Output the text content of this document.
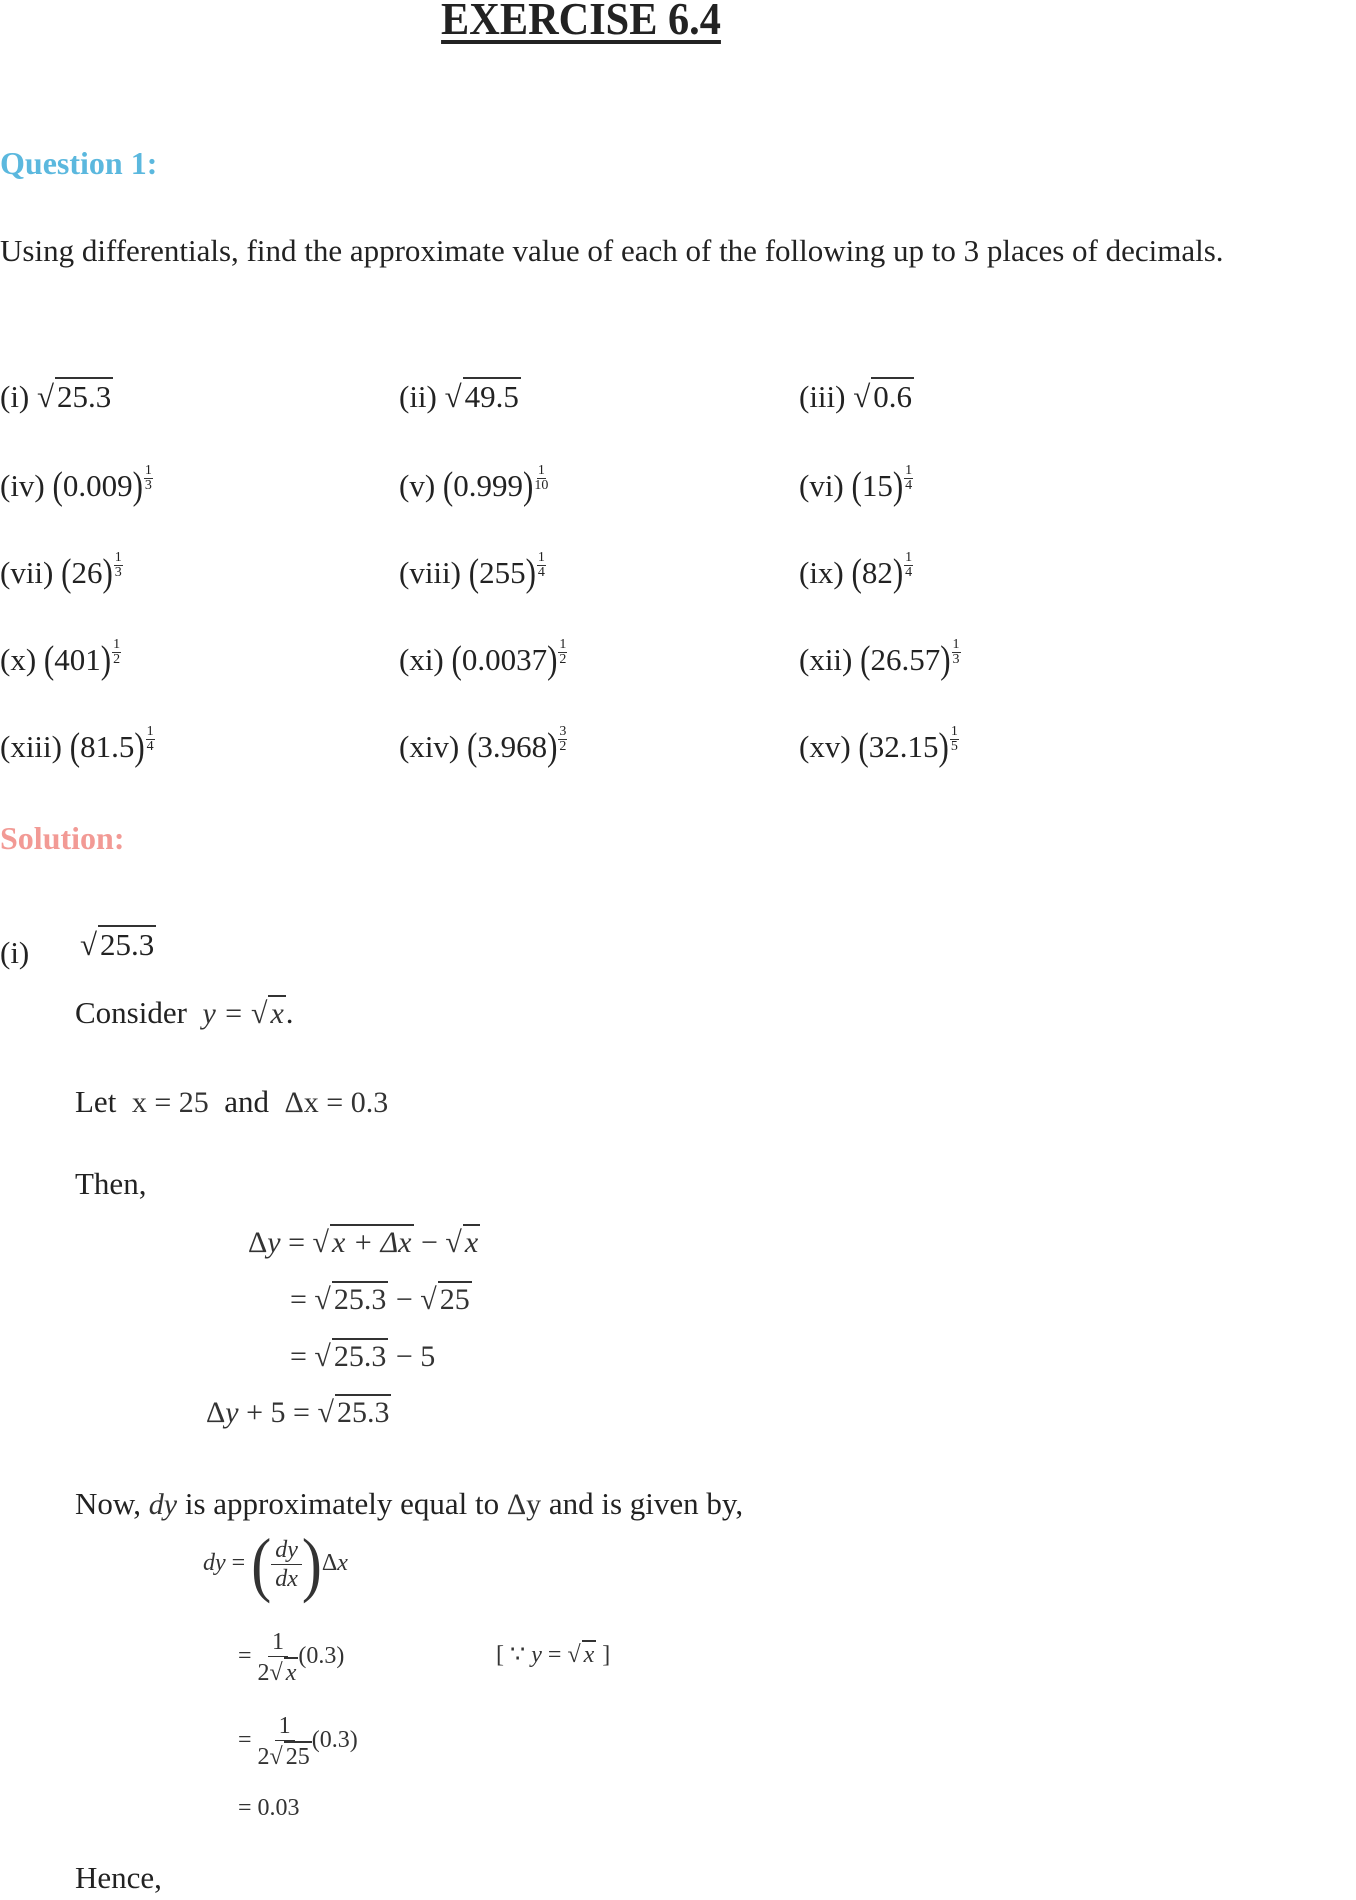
EXERCISE 6.4
Question 1:
Using differentials, find the approximate value of each of the following up to 3 places of decimals.
(i) √25.3	(ii) √49.5	(iii) √0.6
(iv) $(0.009) \frac{1}{3}$	(v) $(0.999) \frac{1}{10}$	(vi) $(15) \frac{1}{4}$
(vii) $(26) \frac{1}{3}$	(viii) $(255) \frac{1}{4}$	(ix) $(82) \frac{1}{4}$
(x) $(401) \frac{1}{2}$	(xi) $(0.0037) \frac{1}{2}$	(xii) $(26.57) \frac{1}{3}$
(xiii) $(81.5) \frac{1}{4}$	(xiv) $(3.968) \frac{3}{2}$	(xv) $(32.15) \frac{1}{5}$
Solution:
(i) √25.3
Consider y = √ x.
Let x = 25 and Δx = 0.3
Then,
Δy = √ x + Δx − √ x
= √ 25.3 − √ 25
= √ 25.3 − 5
Δy + 5 = √ 25.3
Now, dy is approximately equal to Δy and is given by,
dy = ( $\frac{dy}{dx} )\Delta x$
= $\frac{1}{2√ x} (0.3)$	[ ∵ y = √ x ]
= $\frac{1}{2√ 25} (0.3)$
= 0.03
Hence,
